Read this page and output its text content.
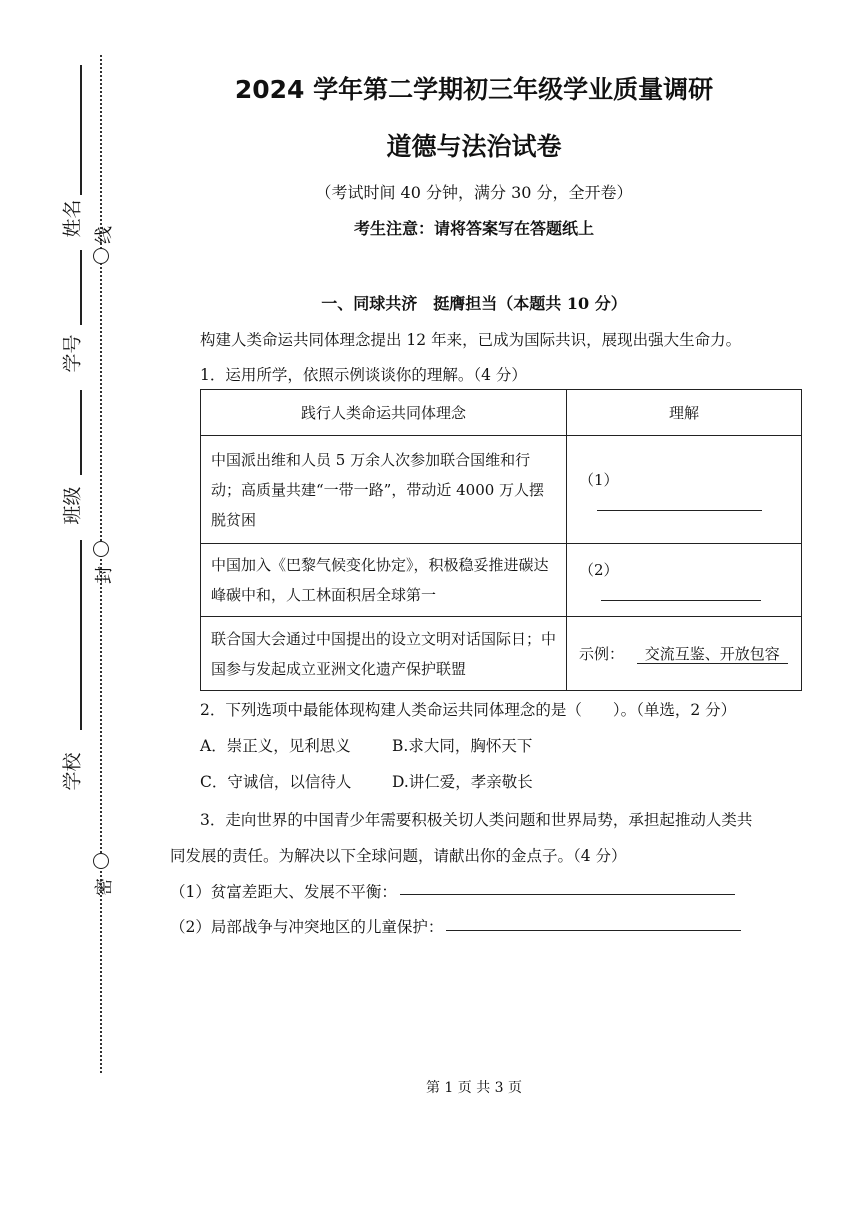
姓名
学号
班级
学校
线
封
密
2024 学年第二学期初三年级学业质量调研
道德与法治试卷
（考试时间 40 分钟，满分 30 分，全开卷）
考生注意：请将答案写在答题纸上
一、同球共济　挺膺担当（本题共 10 分）
构建人类命运共同体理念提出 12 年来，已成为国际共识，展现出强大生命力。
1．运用所学，依照示例谈谈你的理解。（4 分）
践行人类命运共同体理念	理解
中国派出维和人员 5 万余人次参加联合国维和行动；高质量共建“一带一路”，带动近 4000 万人摆脱贫困	（1）
中国加入《巴黎气候变化协定》，积极稳妥推进碳达峰碳中和，人工林面积居全球第一	（2）
联合国大会通过中国提出的设立文明对话国际日；中国参与发起成立亚洲文化遗产保护联盟	示例： 交流互鉴、开放包容
2．下列选项中最能体现构建人类命运共同体理念的是（　　）。（单选，2 分）
A．崇正义，见利思义	B.求大同，胸怀天下
C．守诚信，以信待人	D.讲仁爱，孝亲敬长
3．走向世界的中国青少年需要积极关切人类问题和世界局势，承担起推动人类共
同发展的责任。为解决以下全球问题，请献出你的金点子。（4 分）
（1）贫富差距大、发展不平衡：
（2）局部战争与冲突地区的儿童保护：
第 1 页 共 3 页
